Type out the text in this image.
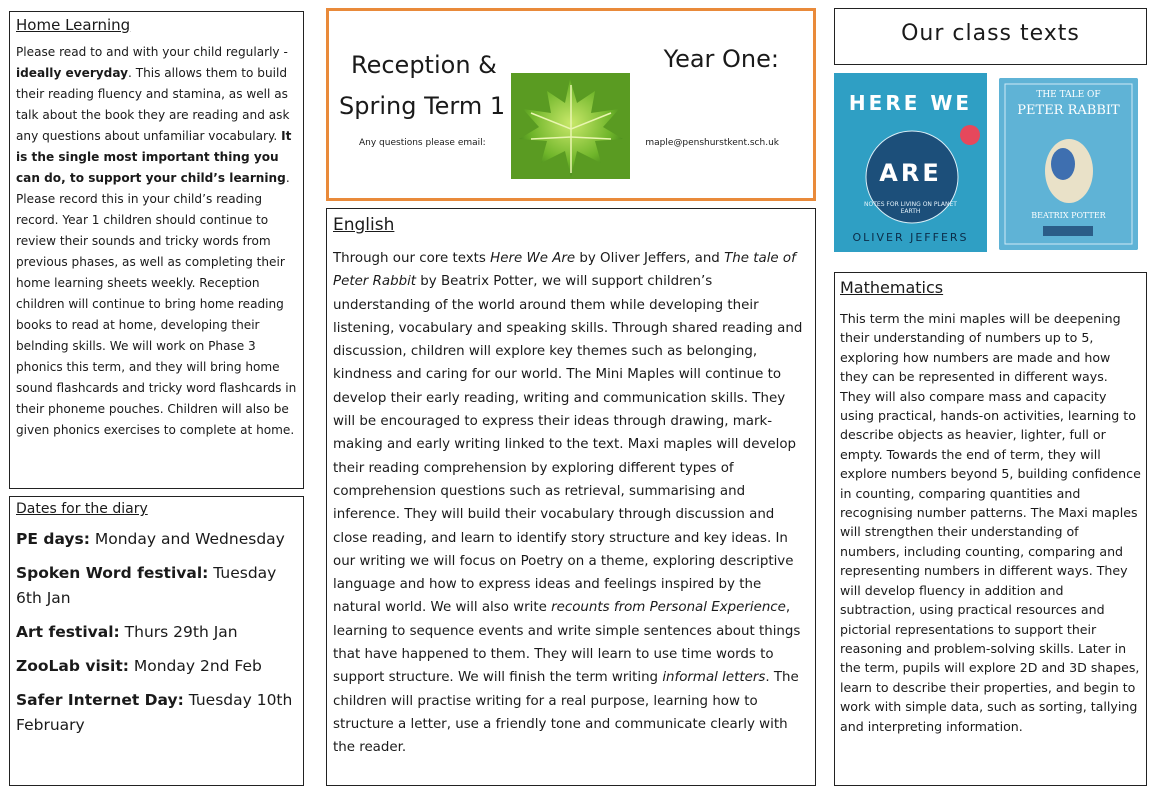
Home Learning

Please read to and with your child regularly - ideally everyday. This allows them to build their reading fluency and stamina, as well as talk about the book they are reading and ask any questions about unfamiliar vocabulary. It is the single most important thing you can do, to support your child’s learning. Please record this in your child’s reading record. Year 1 children should continue to review their sounds and tricky words from previous phases, as well as completing their home learning sheets weekly. Reception children will continue to bring home reading books to read at home, developing their belnding skills. We will work on Phase 3 phonics this term, and they will bring home sound flashcards and tricky word flashcards in their phoneme pouches. Children will also be given phonics exercises to complete at home.

Dates for the diary

PE days: Monday and Wednesday

Spoken Word festival: Tuesday 6th Jan

Art festival: Thurs 29th Jan

ZooLab visit: Monday 2nd Feb

Safer Internet Day: Tuesday 10th February

Reception &
Spring Term 1
Year One:
Any questions please email:	maple@penshurstkent.sch.uk

English

Through our core texts Here We Are by Oliver Jeffers, and The tale of Peter Rabbit by Beatrix Potter, we will support children’s understanding of the world around them while developing their listening, vocabulary and speaking skills. Through shared reading and discussion, children will explore key themes such as belonging, kindness and caring for our world. The Mini Maples will continue to develop their early reading, writing and communication skills. They will be encouraged to express their ideas through drawing, mark-making and early writing linked to the text. Maxi maples will develop their reading comprehension by exploring different types of comprehension questions such as retrieval, summarising and inference. They will build their vocabulary through discussion and close reading, and learn to identify story structure and key ideas. In our writing we will focus on Poetry on a theme, exploring descriptive language and how to express ideas and feelings inspired by the natural world. We will also write recounts from Personal Experience, learning to sequence events and write simple sentences about things that have happened to them. They will learn to use time words to support structure. We will finish the term writing informal letters. The children will practise writing for a real purpose, learning how to structure a letter, use a friendly tone and communicate clearly with the reader.

Our class texts
HERE WE
ARE
NOTES FOR LIVING ON PLANET EARTH
OLIVER JEFFERS
THE TALE OF
PETER RABBIT
BEATRIX POTTER

Mathematics

This term the mini maples will be deepening their understanding of numbers up to 5, exploring how numbers are made and how they can be represented in different ways. They will also compare mass and capacity using practical, hands-on activities, learning to describe objects as heavier, lighter, full or empty. Towards the end of term, they will explore numbers beyond 5, building confidence in counting, comparing quantities and recognising number patterns. The Maxi maples will strengthen their understanding of numbers, including counting, comparing and representing numbers in different ways. They will develop fluency in addition and subtraction, using practical resources and pictorial representations to support their reasoning and problem-solving skills. Later in the term, pupils will explore 2D and 3D shapes, learn to describe their properties, and begin to work with simple data, such as sorting, tallying and interpreting information.
